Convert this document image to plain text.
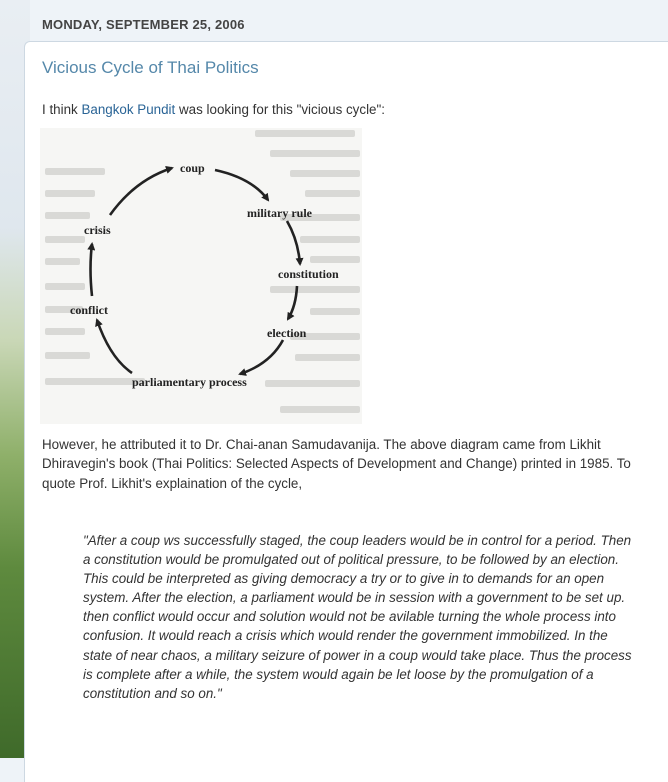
MONDAY, SEPTEMBER 25, 2006
Vicious Cycle of Thai Politics
I think Bangkok Pundit was looking for this "vicious cycle":
coup
military rule
constitution
election
parliamentary process
conflict
crisis

However, he attributed it to Dr. Chai-anan Samudavanija. The above diagram came from Likhit Dhiravegin's book (Thai Politics: Selected Aspects of Development and Change) printed in 1985. To quote Prof. Likhit's explaination of the cycle,

"After a coup ws successfully staged, the coup leaders would be in control for a period. Then a constitution would be promulgated out of political pressure, to be followed by an election. This could be interpreted as giving democracy a try or to give in to demands for an open system. After the election, a parliament would be in session with a government to be set up. then conflict would occur and solution would not be avilable turning the whole process into confusion. It would reach a crisis which would render the government immobilized. In the state of near chaos, a military seizure of power in a coup would take place. Thus the process is complete after a while, the system would again be let loose by the promulgation of a constitution and so on."
